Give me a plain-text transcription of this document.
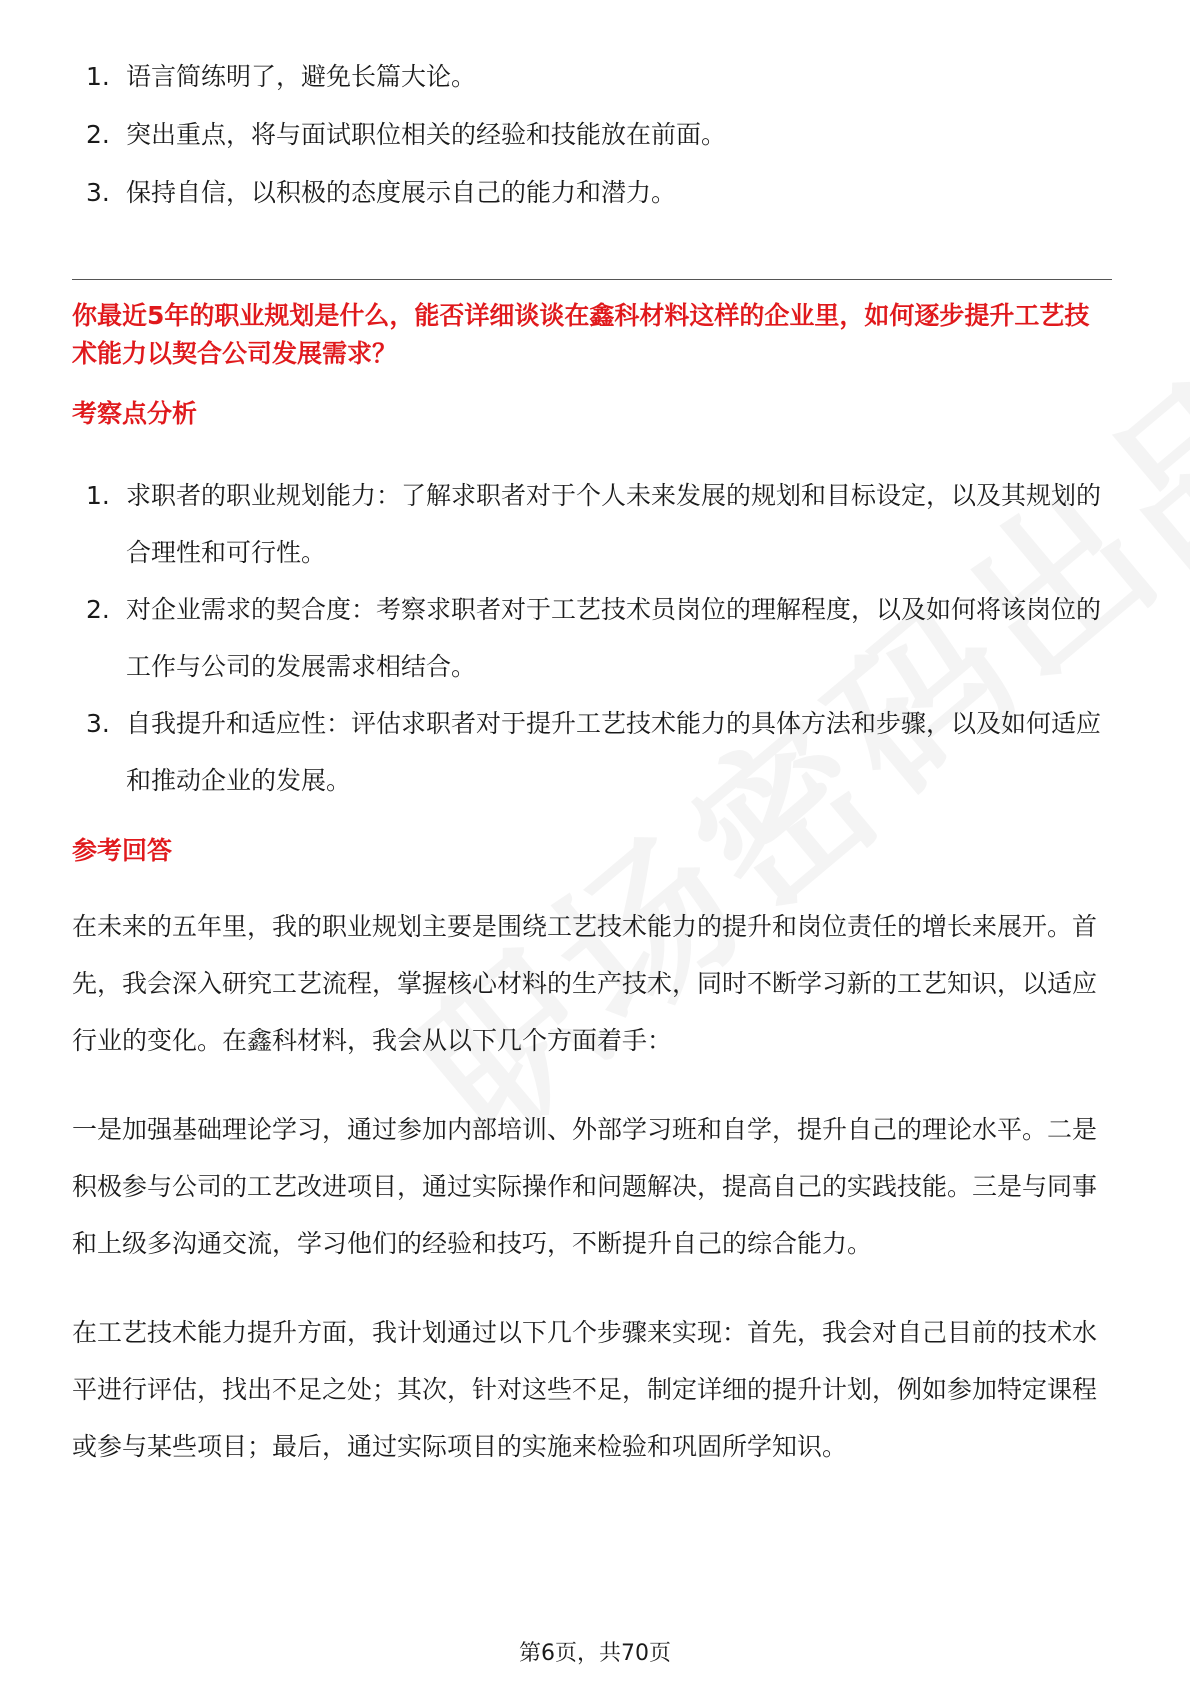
1. 语言简练明了，避免长篇大论。
2. 突出重点，将与面试职位相关的经验和技能放在前面。
3. 保持自信，以积极的态度展示自己的能力和潜力。
你最近5年的职业规划是什么，能否详细谈谈在鑫科材料这样的企业里，如何逐步提升工艺技术能力以契合公司发展需求？
考察点分析
1. 求职者的职业规划能力：了解求职者对于个人未来发展的规划和目标设定，以及其规划的合理性和可行性。
2. 对企业需求的契合度：考察求职者对于工艺技术员岗位的理解程度，以及如何将该岗位的工作与公司的发展需求相结合。
3. 自我提升和适应性：评估求职者对于提升工艺技术能力的具体方法和步骤，以及如何适应和推动企业的发展。
参考回答

在未来的五年里，我的职业规划主要是围绕工艺技术能力的提升和岗位责任的增长来展开。首先，我会深入研究工艺流程，掌握核心材料的生产技术，同时不断学习新的工艺知识，以适应行业的变化。在鑫科材料，我会从以下几个方面着手：

一是加强基础理论学习，通过参加内部培训、外部学习班和自学，提升自己的理论水平。二是积极参与公司的工艺改进项目，通过实际操作和问题解决，提高自己的实践技能。三是与同事和上级多沟通交流，学习他们的经验和技巧，不断提升自己的综合能力。

在工艺技术能力提升方面，我计划通过以下几个步骤来实现：首先，我会对自己目前的技术水平进行评估，找出不足之处；其次，针对这些不足，制定详细的提升计划，例如参加特定课程或参与某些项目；最后，通过实际项目的实施来检验和巩固所学知识。

第6页，共70页
